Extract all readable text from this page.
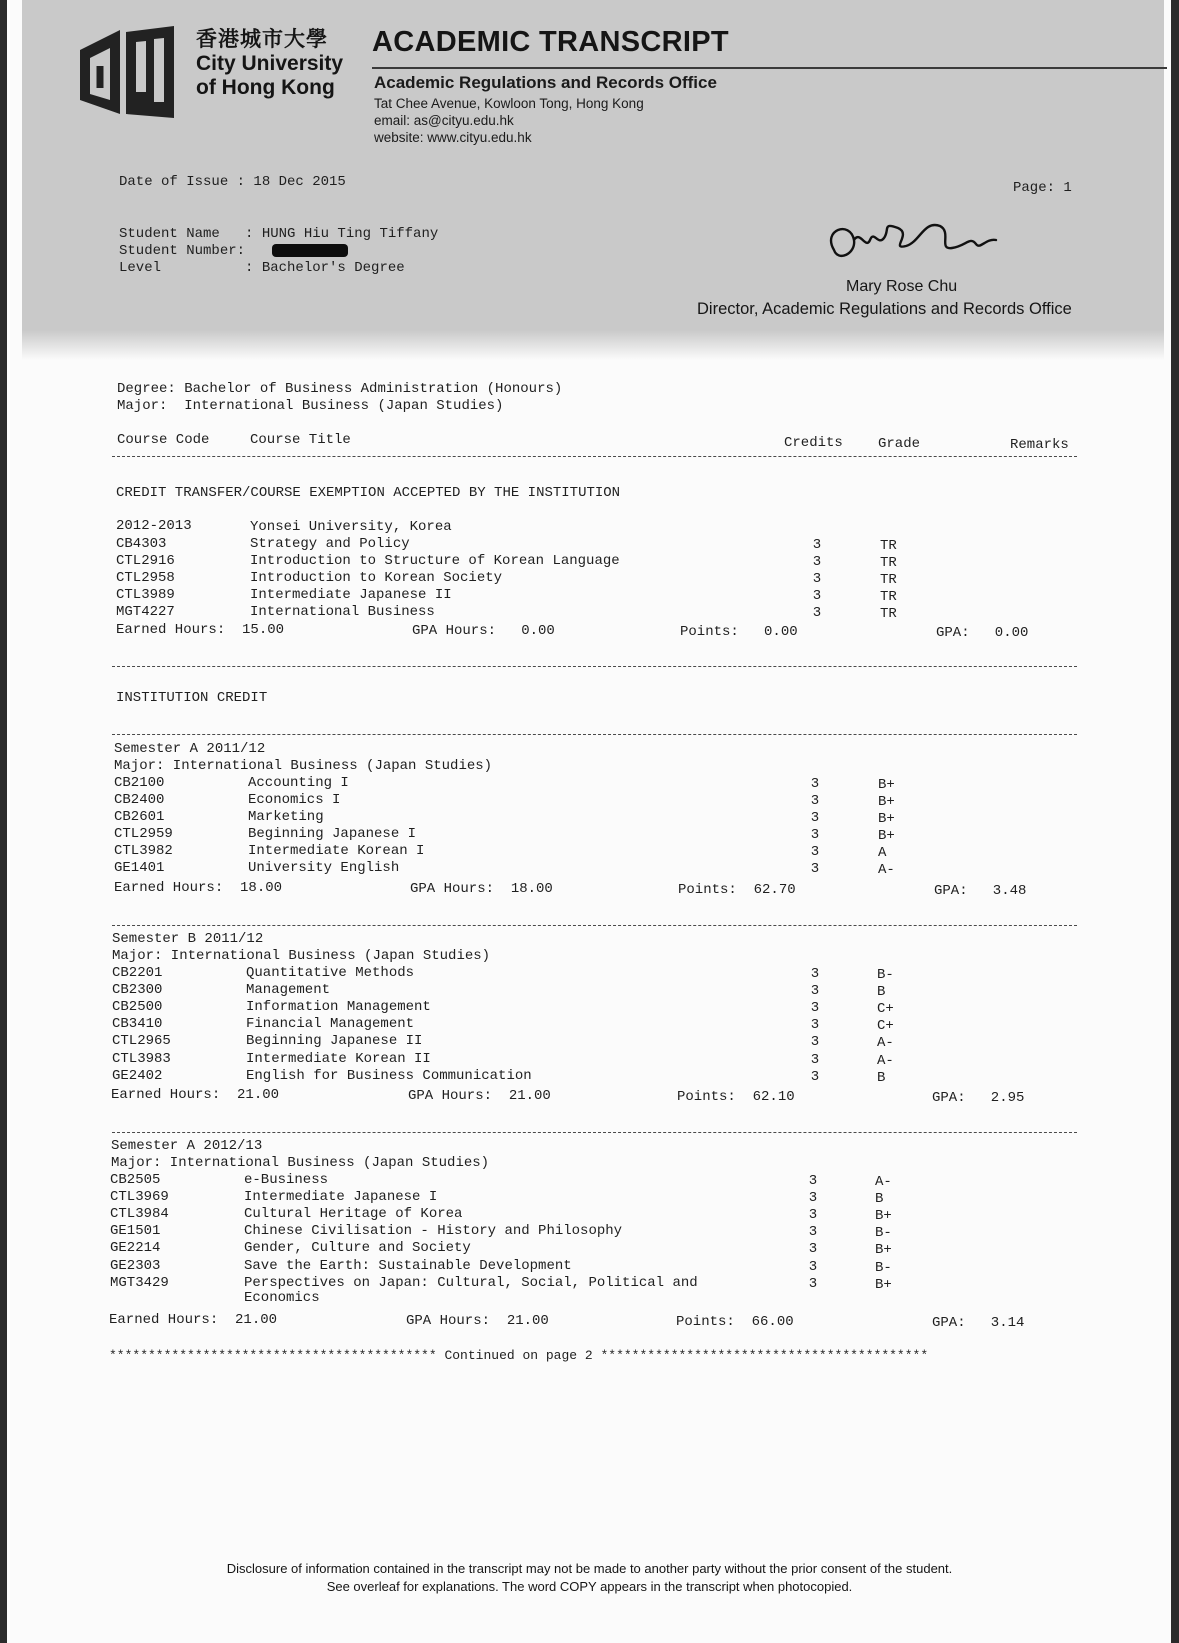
香港城市大學
City University
of Hong Kong
ACADEMIC TRANSCRIPT
Academic Regulations and Records Office
Tat Chee Avenue, Kowloon Tong, Hong Kong
email: as@cityu.edu.hk
website: www.cityu.edu.hk
Date of Issue : 18 Dec 2015	Page: 1
Student Name   : HUNG Hiu Ting Tiffany
Student Number:
Level          : Bachelor's Degree
Mary Rose Chu
Director, Academic Regulations and Records Office
Degree: Bachelor of Business Administration (Honours)
Major:  International Business (Japan Studies)
Course Code	Course Title	Credits	Grade	Remarks
CREDIT TRANSFER/COURSE EXEMPTION ACCEPTED BY THE INSTITUTION
2012-2013	Yonsei University, Korea
CB4303	Strategy and Policy	3	TR
CTL2916	Introduction to Structure of Korean Language	3	TR
CTL2958	Introduction to Korean Society	3	TR
CTL3989	Intermediate Japanese II	3	TR
MGT4227	International Business	3	TR
Earned Hours:  15.00	GPA Hours:   0.00	Points:   0.00	GPA:   0.00
INSTITUTION CREDIT
Semester A 2011/12
Major: International Business (Japan Studies)
CB2100	Accounting I	3	B+
CB2400	Economics I	3	B+
CB2601	Marketing	3	B+
CTL2959	Beginning Japanese I	3	B+
CTL3982	Intermediate Korean I	3	A
GE1401	University English	3	A-
Earned Hours:  18.00	GPA Hours:  18.00	Points:  62.70	GPA:   3.48
Semester B 2011/12
Major: International Business (Japan Studies)
CB2201	Quantitative Methods	3	B-
CB2300	Management	3	B
CB2500	Information Management	3	C+
CB3410	Financial Management	3	C+
CTL2965	Beginning Japanese II	3	A-
CTL3983	Intermediate Korean II	3	A-
GE2402	English for Business Communication	3	B
Earned Hours:  21.00	GPA Hours:  21.00	Points:  62.10	GPA:   2.95
Semester A 2012/13
Major: International Business (Japan Studies)
CB2505	e-Business	3	A-
CTL3969	Intermediate Japanese I	3	B
CTL3984	Cultural Heritage of Korea	3	B+
GE1501	Chinese Civilisation - History and Philosophy	3	B-
GE2214	Gender, Culture and Society	3	B+
GE2303	Save the Earth: Sustainable Development	3	B-
MGT3429	Perspectives on Japan: Cultural, Social, Political and	3	B+
Economics
Earned Hours:  21.00	GPA Hours:  21.00	Points:  66.00	GPA:   3.14
****************************************** Continued on page 2 ******************************************
Disclosure of information contained in the transcript may not be made to another party without the prior consent of the student.
See overleaf for explanations. The word COPY appears in the transcript when photocopied.
